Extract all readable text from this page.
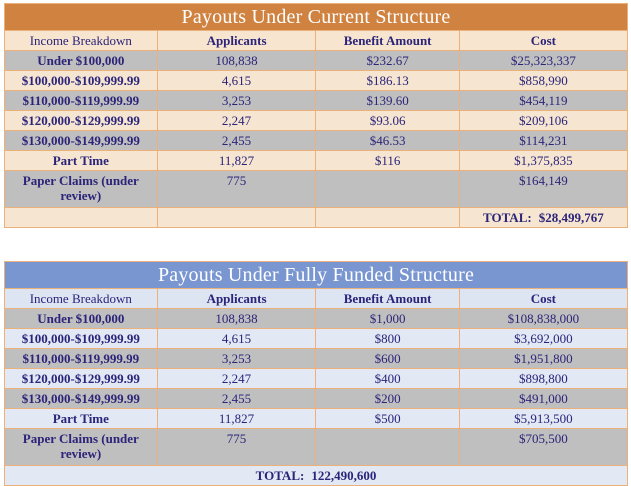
Payouts Under Current Structure			
Income Breakdown	Applicants	Benefit Amount	Cost
Under $100,000	108,838	$232.67	$25,323,337
$100,000-$109,999.99	4,615	$186.13	$858,990
$110,000-$119,999.99	3,253	$139.60	$454,119
$120,000-$129,999.99	2,247	$93.06	$209,106
$130,000-$149,999.99	2,455	$46.53	$114,231
Part Time	11,827	$116	$1,375,835
Paper Claims (under review)	775		$164,149
			TOTAL: $28,499,767
Payouts Under Fully Funded Structure			
Income Breakdown	Applicants	Benefit Amount	Cost
Under $100,000	108,838	$1,000	$108,838,000
$100,000-$109,999.99	4,615	$800	$3,692,000
$110,000-$119,999.99	3,253	$600	$1,951,800
$120,000-$129,999.99	2,247	$400	$898,800
$130,000-$149,999.99	2,455	$200	$491,000
Part Time	11,827	$500	$5,913,500
Paper Claims (under review)	775		$705,500
TOTAL: 122,490,600			
